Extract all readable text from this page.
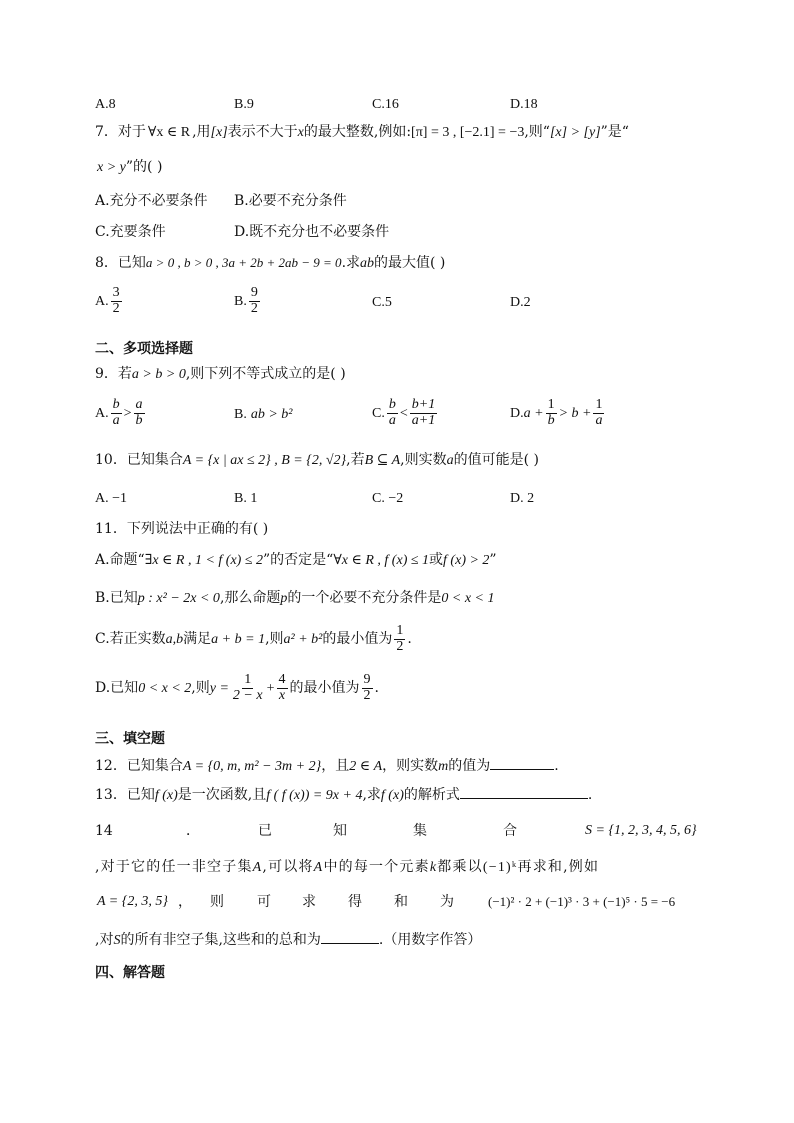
A.8	B.9	C.16	D.18
7．对于 ∀x ∈ R ,用[x]表示不大于x的最大整数,例如:[π] = 3 , [−2.1] = −3,则“[x] > [y]”是“
x > y”的( )
A.充分不必要条件 B.必要不充分条件
C.充要条件	D.既不充分也不必要条件
8．已知a > 0 , b > 0 , 3a + 2b + 2ab − 9 = 0.求ab的最大值( )
A. $\frac{3}{2}$	B. $\frac{9}{2}$	C.5	D.2
二、多项选择题
9．若a > b > 0,则下列不等式成立的是( )
A. $\frac{b}{a} > \frac{a}{b}$	B. ab > b²	C. $\frac{b}{a} < \frac{b+1}{a+1}$	$D.a + \frac{1}{b} > b + \frac{1}{a}$
10．已知集合A = {x | ax ≤ 2} , B = {2, √2},若B ⊆ A,则实数a的值可能是( )
A. −1	B. 1	C. −2	D. 2
11．下列说法中正确的有( )
A.命题“∃x ∈ R , 1 < f (x) ≤ 2”的否定是“∀x ∈ R , f (x) ≤ 1或f (x) > 2”
B.已知p : x² − 2x < 0,那么命题p的一个必要不充分条件是0 < x < 1
C.若正实数a,b满足a + b = 1,则a² + b²的最小值为 $\frac{1}{2}$ .
D.已知0 < x < 2,则$y = \frac{1}{2 - x} + \frac{4}{x}$ 的最小值为 $\frac{9}{2}$ .
三、填空题
12．已知集合A = {0, m, m² − 3m + 2}，且2 ∈ A，则实数m的值为	.
13．已知f (x)是一次函数,且f ( f (x)) = 9x + 4,求f (x)的解析式	.
14	．	已	知	集	合	S = {1, 2, 3, 4, 5, 6}
,对于它的任一非空子集A,可以将A中的每一个元素k都乘以(−1)ᵏ再求和,例如
A = {2, 3, 5} ， 则 可 求 得 和 为	(−1)² · 2 + (−1)³ · 3 + (−1)⁵ · 5 = −6
,对S的所有非空子集,这些和的总和为	.（用数字作答）
四、解答题
